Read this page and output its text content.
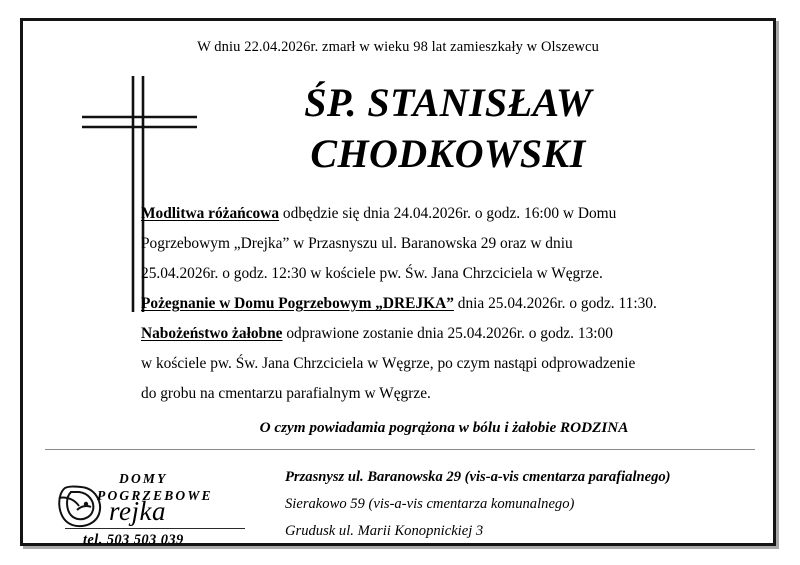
W dniu 22.04.2026r. zmarł w wieku 98 lat zamieszkały w Olszewcu
ŚP. STANISŁAW
CHODKOWSKI
Modlitwa różańcowa odbędzie się dnia 24.04.2026r. o godz. 16:00 w Domu
Pogrzebowym „Drejka” w Przasnyszu ul. Baranowska 29 oraz w dniu
25.04.2026r. o godz. 12:30 w kościele pw. Św. Jana Chrzciciela w Węgrze.
Pożegnanie w Domu Pogrzebowym „DREJKA” dnia 25.04.2026r. o godz. 11:30.
Nabożeństwo żałobne odprawione zostanie dnia 25.04.2026r. o godz. 13:00
w kościele pw. Św. Jana Chrzciciela w Węgrze, po czym nastąpi odprowadzenie
do grobu na cmentarzu parafialnym w Węgrze.
O czym powiadamia pogrążona w bólu i żałobie RODZINA
DOMY
POGRZEBOWE
rejka
tel. 503 503 039
Przasnysz ul. Baranowska 29 (vis-a-vis cmentarza parafialnego)
Sierakowo 59 (vis-a-vis cmentarza komunalnego)
Grudusk ul. Marii Konopnickiej 3
